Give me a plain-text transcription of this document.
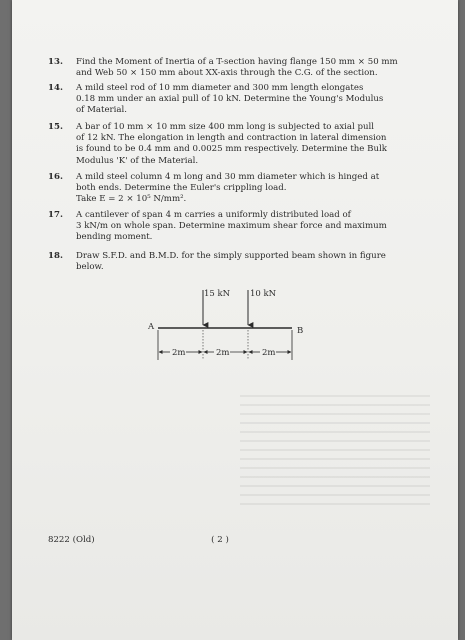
13.	Find the Moment of Inertia of a T-section having flange 150 mm × 50 mm
and Web 50 × 150 mm about XX-axis through the C.G. of the section.
14.	A mild steel rod of 10 mm diameter and 300 mm length elongates
0.18 mm under an axial pull of 10 kN. Determine the Young's Modulus
of Material.
15.	A bar of 10 mm × 10 mm size 400 mm long is subjected to axial pull
of 12 kN. The elongation in length and contraction in lateral dimension
is found to be 0.4 mm and 0.0025 mm respectively. Determine the Bulk
Modulus 'K' of the Material.
16.	A mild steel column 4 m long and 30 mm diameter which is hinged at
both ends. Determine the Euler's crippling load.
Take E = 2 × 10⁵ N/mm².
17.	A cantilever of span 4 m carries a uniformly distributed load of
3 kN/m on whole span. Determine maximum shear force and maximum
bending moment.
18.	Draw S.F.D. and B.M.D. for the simply supported beam shown in figure
below.
15 kN 10 kN
A	B
2m	2m	2m
8222 (Old)	( 2 )
